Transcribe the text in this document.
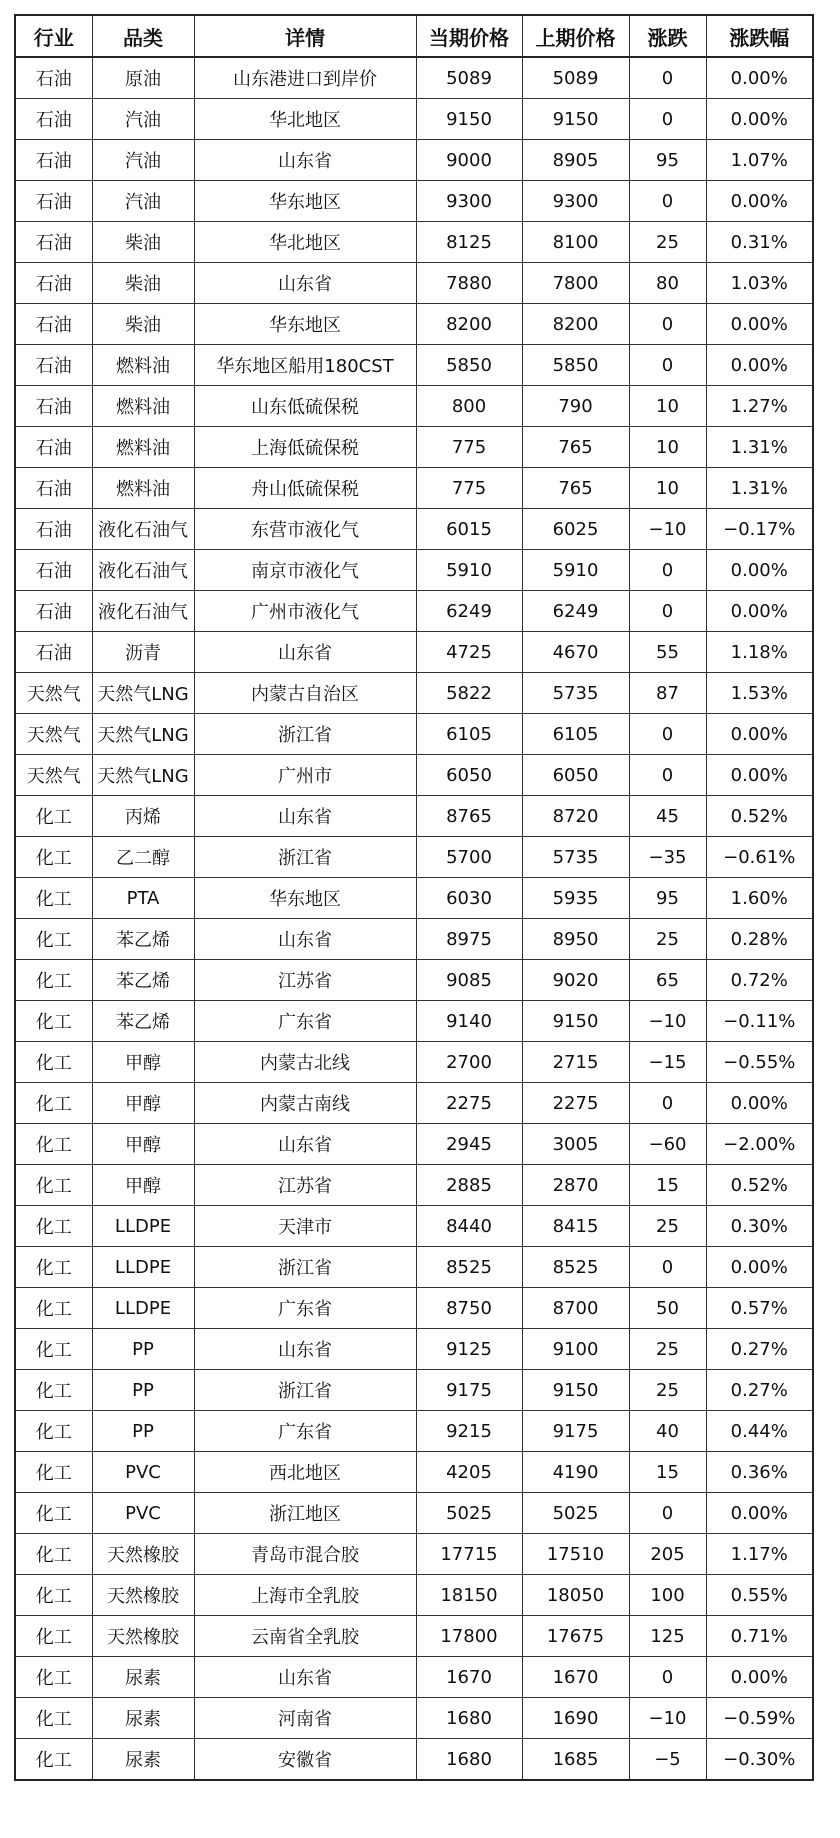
行业	品类	详情	当期价格	上期价格	涨跌	涨跌幅
石油	原油	山东港进口到岸价	5089	5089	0	0.00%
石油	汽油	华北地区	9150	9150	0	0.00%
石油	汽油	山东省	9000	8905	95	1.07%
石油	汽油	华东地区	9300	9300	0	0.00%
石油	柴油	华北地区	8125	8100	25	0.31%
石油	柴油	山东省	7880	7800	80	1.03%
石油	柴油	华东地区	8200	8200	0	0.00%
石油	燃料油	华东地区船用180CST	5850	5850	0	0.00%
石油	燃料油	山东低硫保税	800	790	10	1.27%
石油	燃料油	上海低硫保税	775	765	10	1.31%
石油	燃料油	舟山低硫保税	775	765	10	1.31%
石油	液化石油气	东营市液化气	6015	6025	−10	−0.17%
石油	液化石油气	南京市液化气	5910	5910	0	0.00%
石油	液化石油气	广州市液化气	6249	6249	0	0.00%
石油	沥青	山东省	4725	4670	55	1.18%
天然气	天然气LNG	内蒙古自治区	5822	5735	87	1.53%
天然气	天然气LNG	浙江省	6105	6105	0	0.00%
天然气	天然气LNG	广州市	6050	6050	0	0.00%
化工	丙烯	山东省	8765	8720	45	0.52%
化工	乙二醇	浙江省	5700	5735	−35	−0.61%
化工	PTA	华东地区	6030	5935	95	1.60%
化工	苯乙烯	山东省	8975	8950	25	0.28%
化工	苯乙烯	江苏省	9085	9020	65	0.72%
化工	苯乙烯	广东省	9140	9150	−10	−0.11%
化工	甲醇	内蒙古北线	2700	2715	−15	−0.55%
化工	甲醇	内蒙古南线	2275	2275	0	0.00%
化工	甲醇	山东省	2945	3005	−60	−2.00%
化工	甲醇	江苏省	2885	2870	15	0.52%
化工	LLDPE	天津市	8440	8415	25	0.30%
化工	LLDPE	浙江省	8525	8525	0	0.00%
化工	LLDPE	广东省	8750	8700	50	0.57%
化工	PP	山东省	9125	9100	25	0.27%
化工	PP	浙江省	9175	9150	25	0.27%
化工	PP	广东省	9215	9175	40	0.44%
化工	PVC	西北地区	4205	4190	15	0.36%
化工	PVC	浙江地区	5025	5025	0	0.00%
化工	天然橡胶	青岛市混合胶	17715	17510	205	1.17%
化工	天然橡胶	上海市全乳胶	18150	18050	100	0.55%
化工	天然橡胶	云南省全乳胶	17800	17675	125	0.71%
化工	尿素	山东省	1670	1670	0	0.00%
化工	尿素	河南省	1680	1690	−10	−0.59%
化工	尿素	安徽省	1680	1685	−5	−0.30%
